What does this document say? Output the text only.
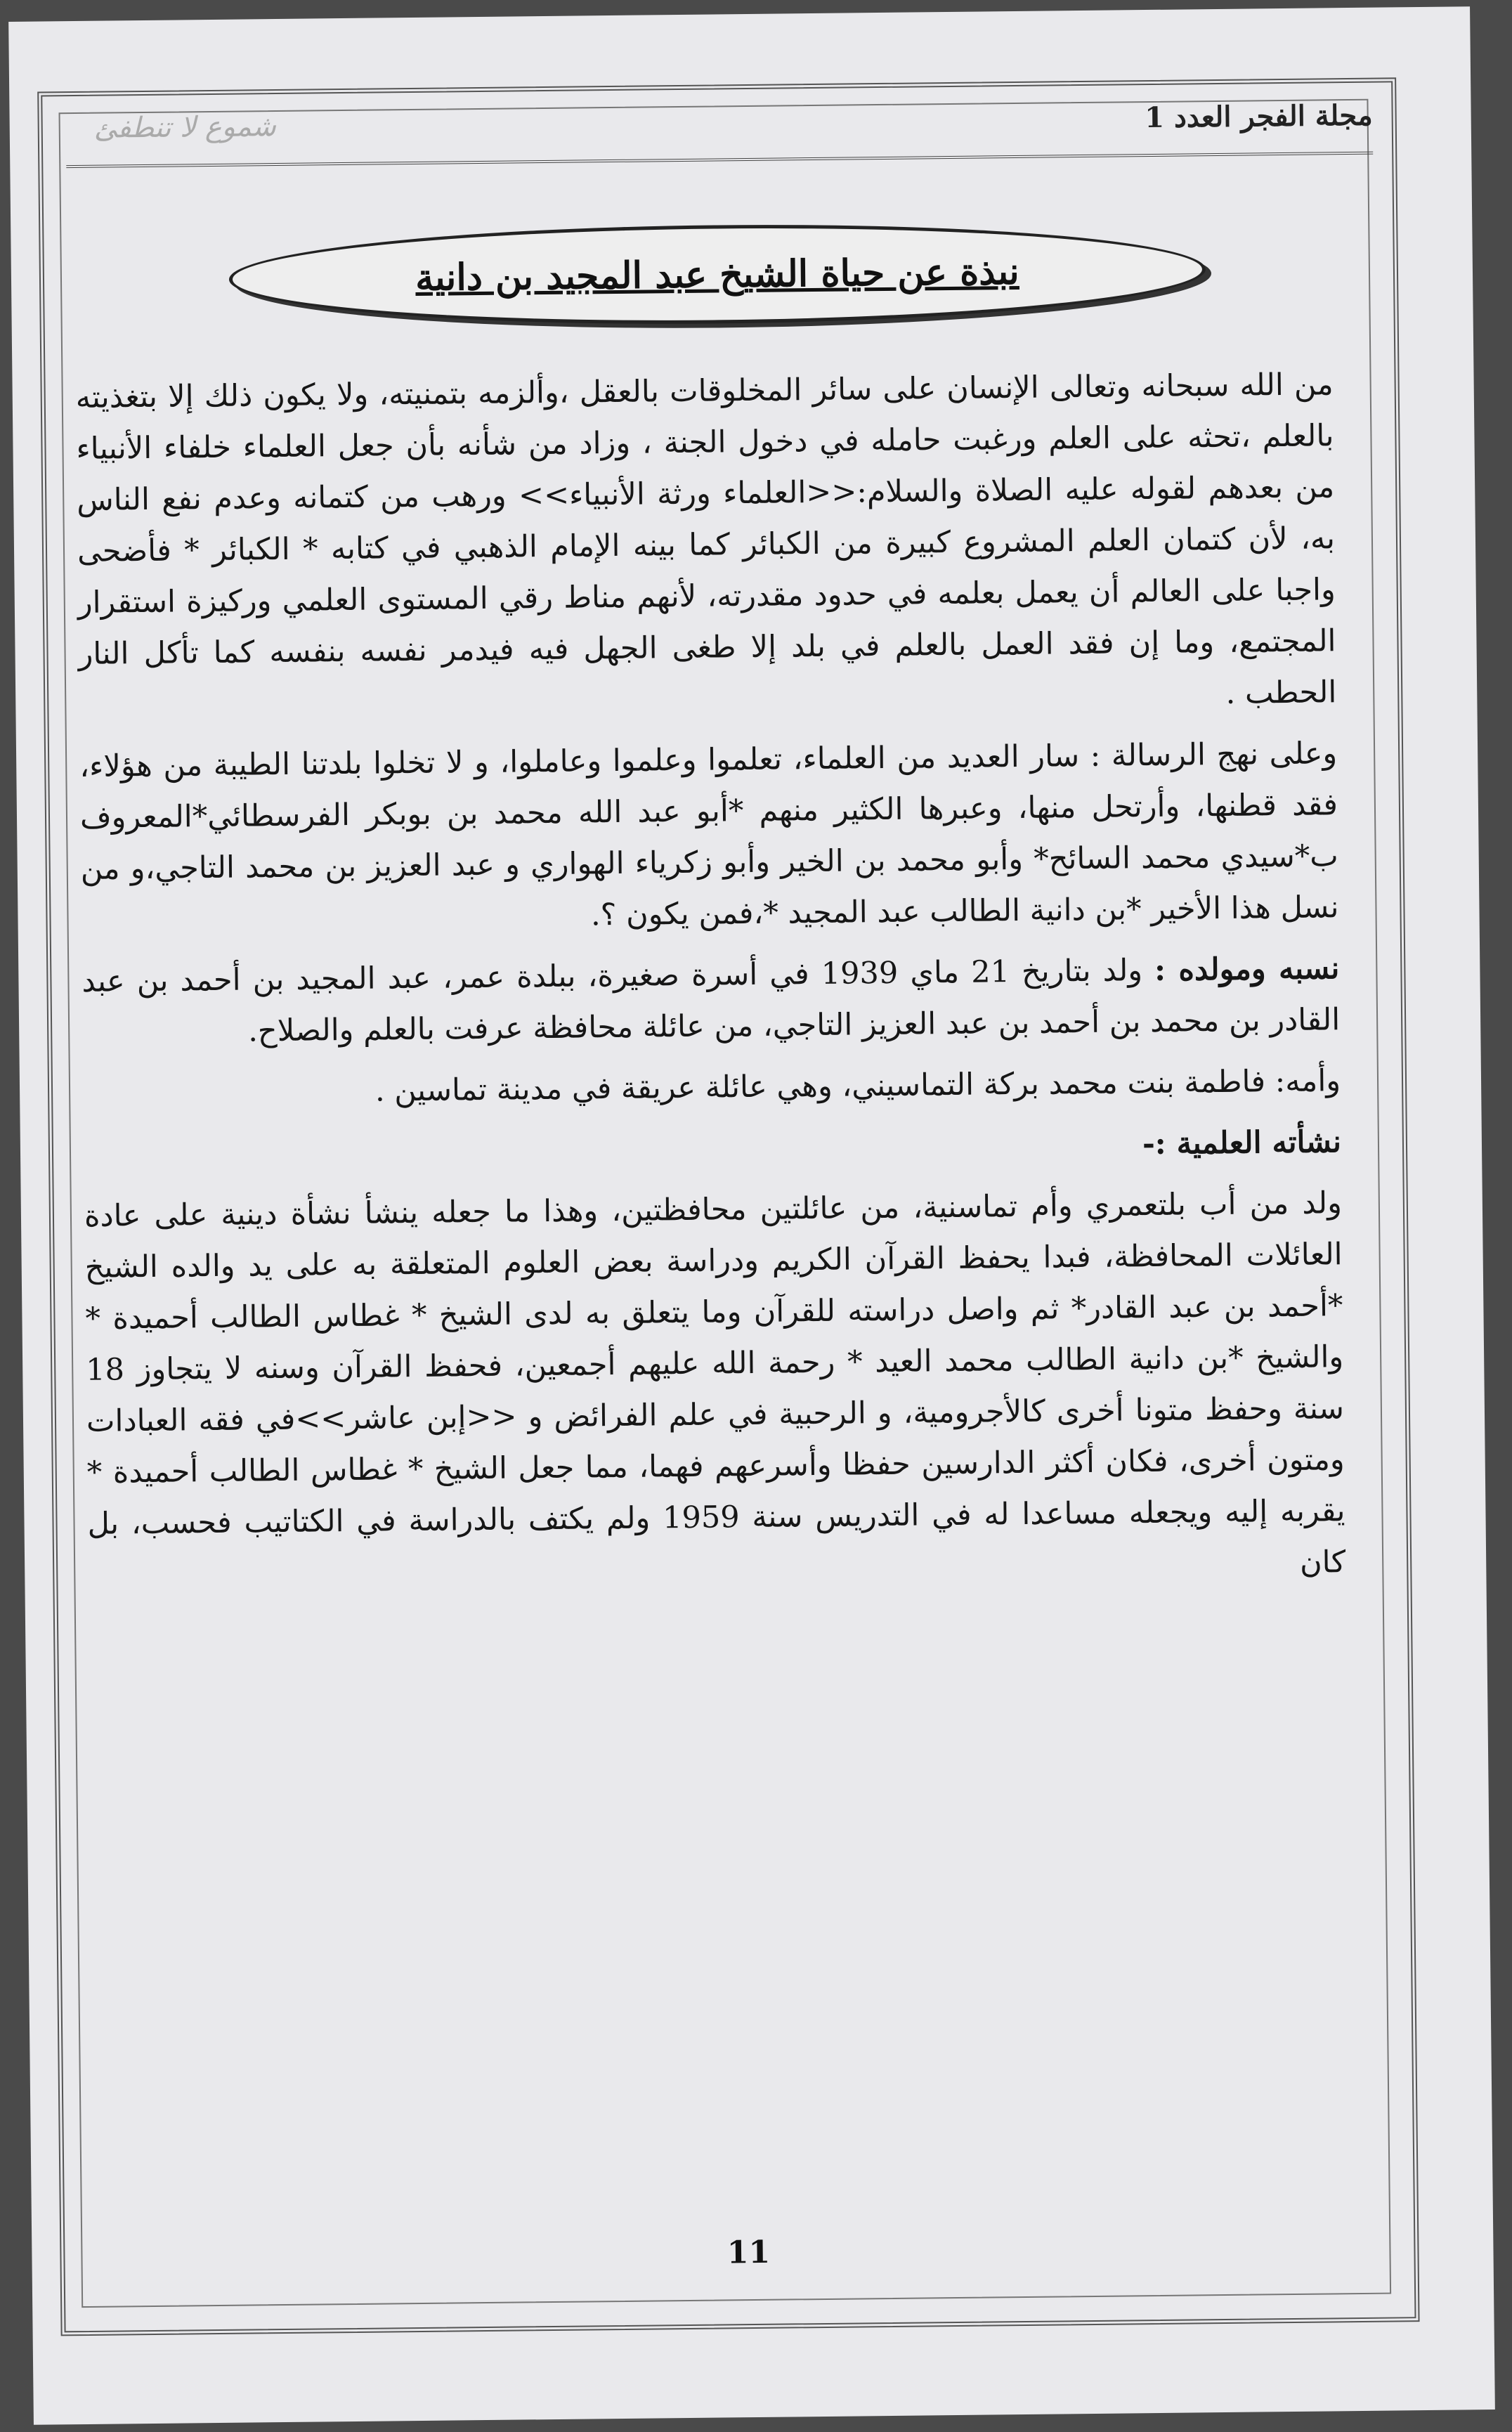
مجلة الفجر العدد 1
شموع لا تنطفئ
نبذة عن حياة الشيخ عبد المجيد بن دانية

من الله سبحانه وتعالى الإنسان على سائر المخلوقات بالعقل ،وألزمه بتمنيته، ولا يكون ذلك إلا بتغذيته بالعلم ،تحثه على العلم ورغبت حامله في دخول الجنة ، وزاد من شأنه بأن جعل العلماء خلفاء الأنبياء من بعدهم لقوله عليه الصلاة والسلام:<<العلماء ورثة الأنبياء>> ورهب من كتمانه وعدم نفع الناس به، لأن كتمان العلم المشروع كبيرة من الكبائر كما بينه الإمام الذهبي في كتابه * الكبائر * فأضحى واجبا على العالم أن يعمل بعلمه في حدود مقدرته، لأنهم مناط رقي المستوى العلمي وركيزة استقرار المجتمع، وما إن فقد العمل بالعلم في بلد إلا طغى الجهل فيه فيدمر نفسه بنفسه كما تأكل النار الحطب .

وعلى نهج الرسالة : سار العديد من العلماء، تعلموا وعلموا وعاملوا، و لا تخلوا بلدتنا الطيبة من هؤلاء، فقد قطنها، وأرتحل منها، وعبرها الكثير منهم *أبو عبد الله محمد بن بوبكر الفرسطائي*المعروف ب*سيدي محمد السائح* وأبو محمد بن الخير وأبو زكرياء الهواري و عبد العزيز بن محمد التاجي،و من نسل هذا الأخير *بن دانية الطالب عبد المجيد *،فمن يكون ؟.

نسبه ومولده : ولد بتاريخ 21 ماي 1939 في أسرة صغيرة، ببلدة عمر، عبد المجيد بن أحمد بن عبد القادر بن محمد بن أحمد بن عبد العزيز التاجي، من عائلة محافظة عرفت بالعلم والصلاح.

وأمه: فاطمة بنت محمد بركة التماسيني، وهي عائلة عريقة في مدينة تماسين .

نشأته العلمية :-

ولد من أب بلتعمري وأم تماسنية، من عائلتين محافظتين، وهذا ما جعله ينشأ نشأة دينية على عادة العائلات المحافظة، فبدا يحفظ القرآن الكريم ودراسة بعض العلوم المتعلقة به على يد والده الشيخ *أحمد بن عبد القادر* ثم واصل دراسته للقرآن وما يتعلق به لدى الشيخ * غطاس الطالب أحميدة * والشيخ *بن دانية الطالب محمد العيد * رحمة الله عليهم أجمعين، فحفظ القرآن وسنه لا يتجاوز 18 سنة وحفظ متونا أخرى كالأجرومية، و الرحبية في علم الفرائض و <<إبن عاشر>>في فقه العبادات ومتون أخرى، فكان أكثر الدارسين حفظا وأسرعهم فهما، مما جعل الشيخ * غطاس الطالب أحميدة * يقربه إليه ويجعله مساعدا له في التدريس سنة 1959 ولم يكتف بالدراسة في الكتاتيب فحسب، بل كان

11
